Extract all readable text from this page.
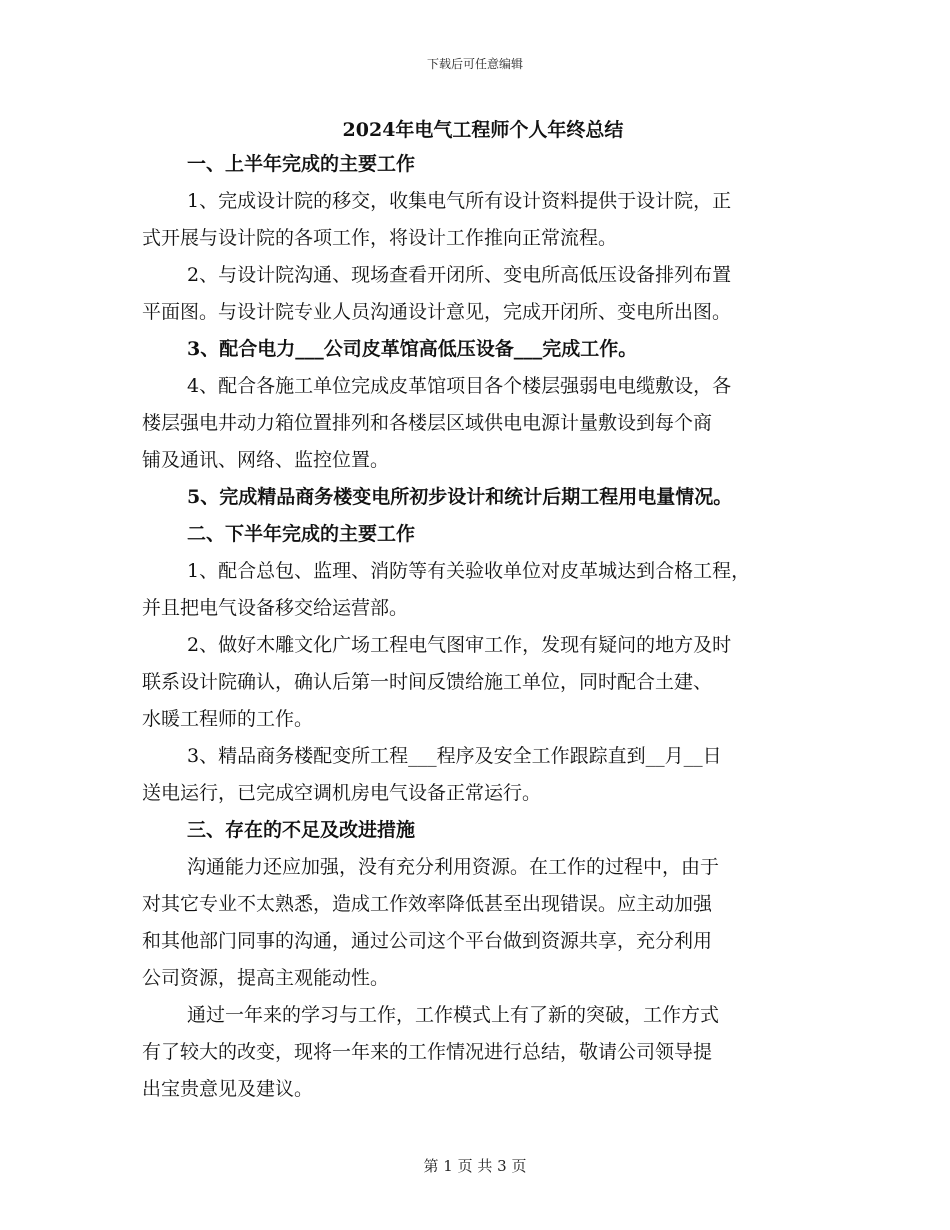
下载后可任意编辑
2024年电气工程师个人年终总结
一、上半年完成的主要工作
1、完成设计院的移交，收集电气所有设计资料提供于设计院，正
式开展与设计院的各项工作，将设计工作推向正常流程。
2、与设计院沟通、现场查看开闭所、变电所高低压设备排列布置
平面图。与设计院专业人员沟通设计意见，完成开闭所、变电所出图。
3、配合电力___公司皮革馆高低压设备___完成工作。
4、配合各施工单位完成皮革馆项目各个楼层强弱电电缆敷设，各
楼层强电井动力箱位置排列和各楼层区域供电电源计量敷设到每个商
铺及通讯、网络、监控位置。
5、完成精品商务楼变电所初步设计和统计后期工程用电量情况。
二、下半年完成的主要工作
1、配合总包、监理、消防等有关验收单位对皮革城达到合格工程，
并且把电气设备移交给运营部。
2、做好木雕文化广场工程电气图审工作，发现有疑问的地方及时
联系设计院确认，确认后第一时间反馈给施工单位，同时配合土建、
水暖工程师的工作。
3、精品商务楼配变所工程___程序及安全工作跟踪直到__月__日
送电运行，已完成空调机房电气设备正常运行。
三、存在的不足及改进措施
沟通能力还应加强，没有充分利用资源。在工作的过程中，由于
对其它专业不太熟悉，造成工作效率降低甚至出现错误。应主动加强
和其他部门同事的沟通，通过公司这个平台做到资源共享，充分利用
公司资源，提高主观能动性。
通过一年来的学习与工作，工作模式上有了新的突破，工作方式
有了较大的改变，现将一年来的工作情况进行总结，敬请公司领导提
出宝贵意见及建议。
第 1 页 共 3 页
